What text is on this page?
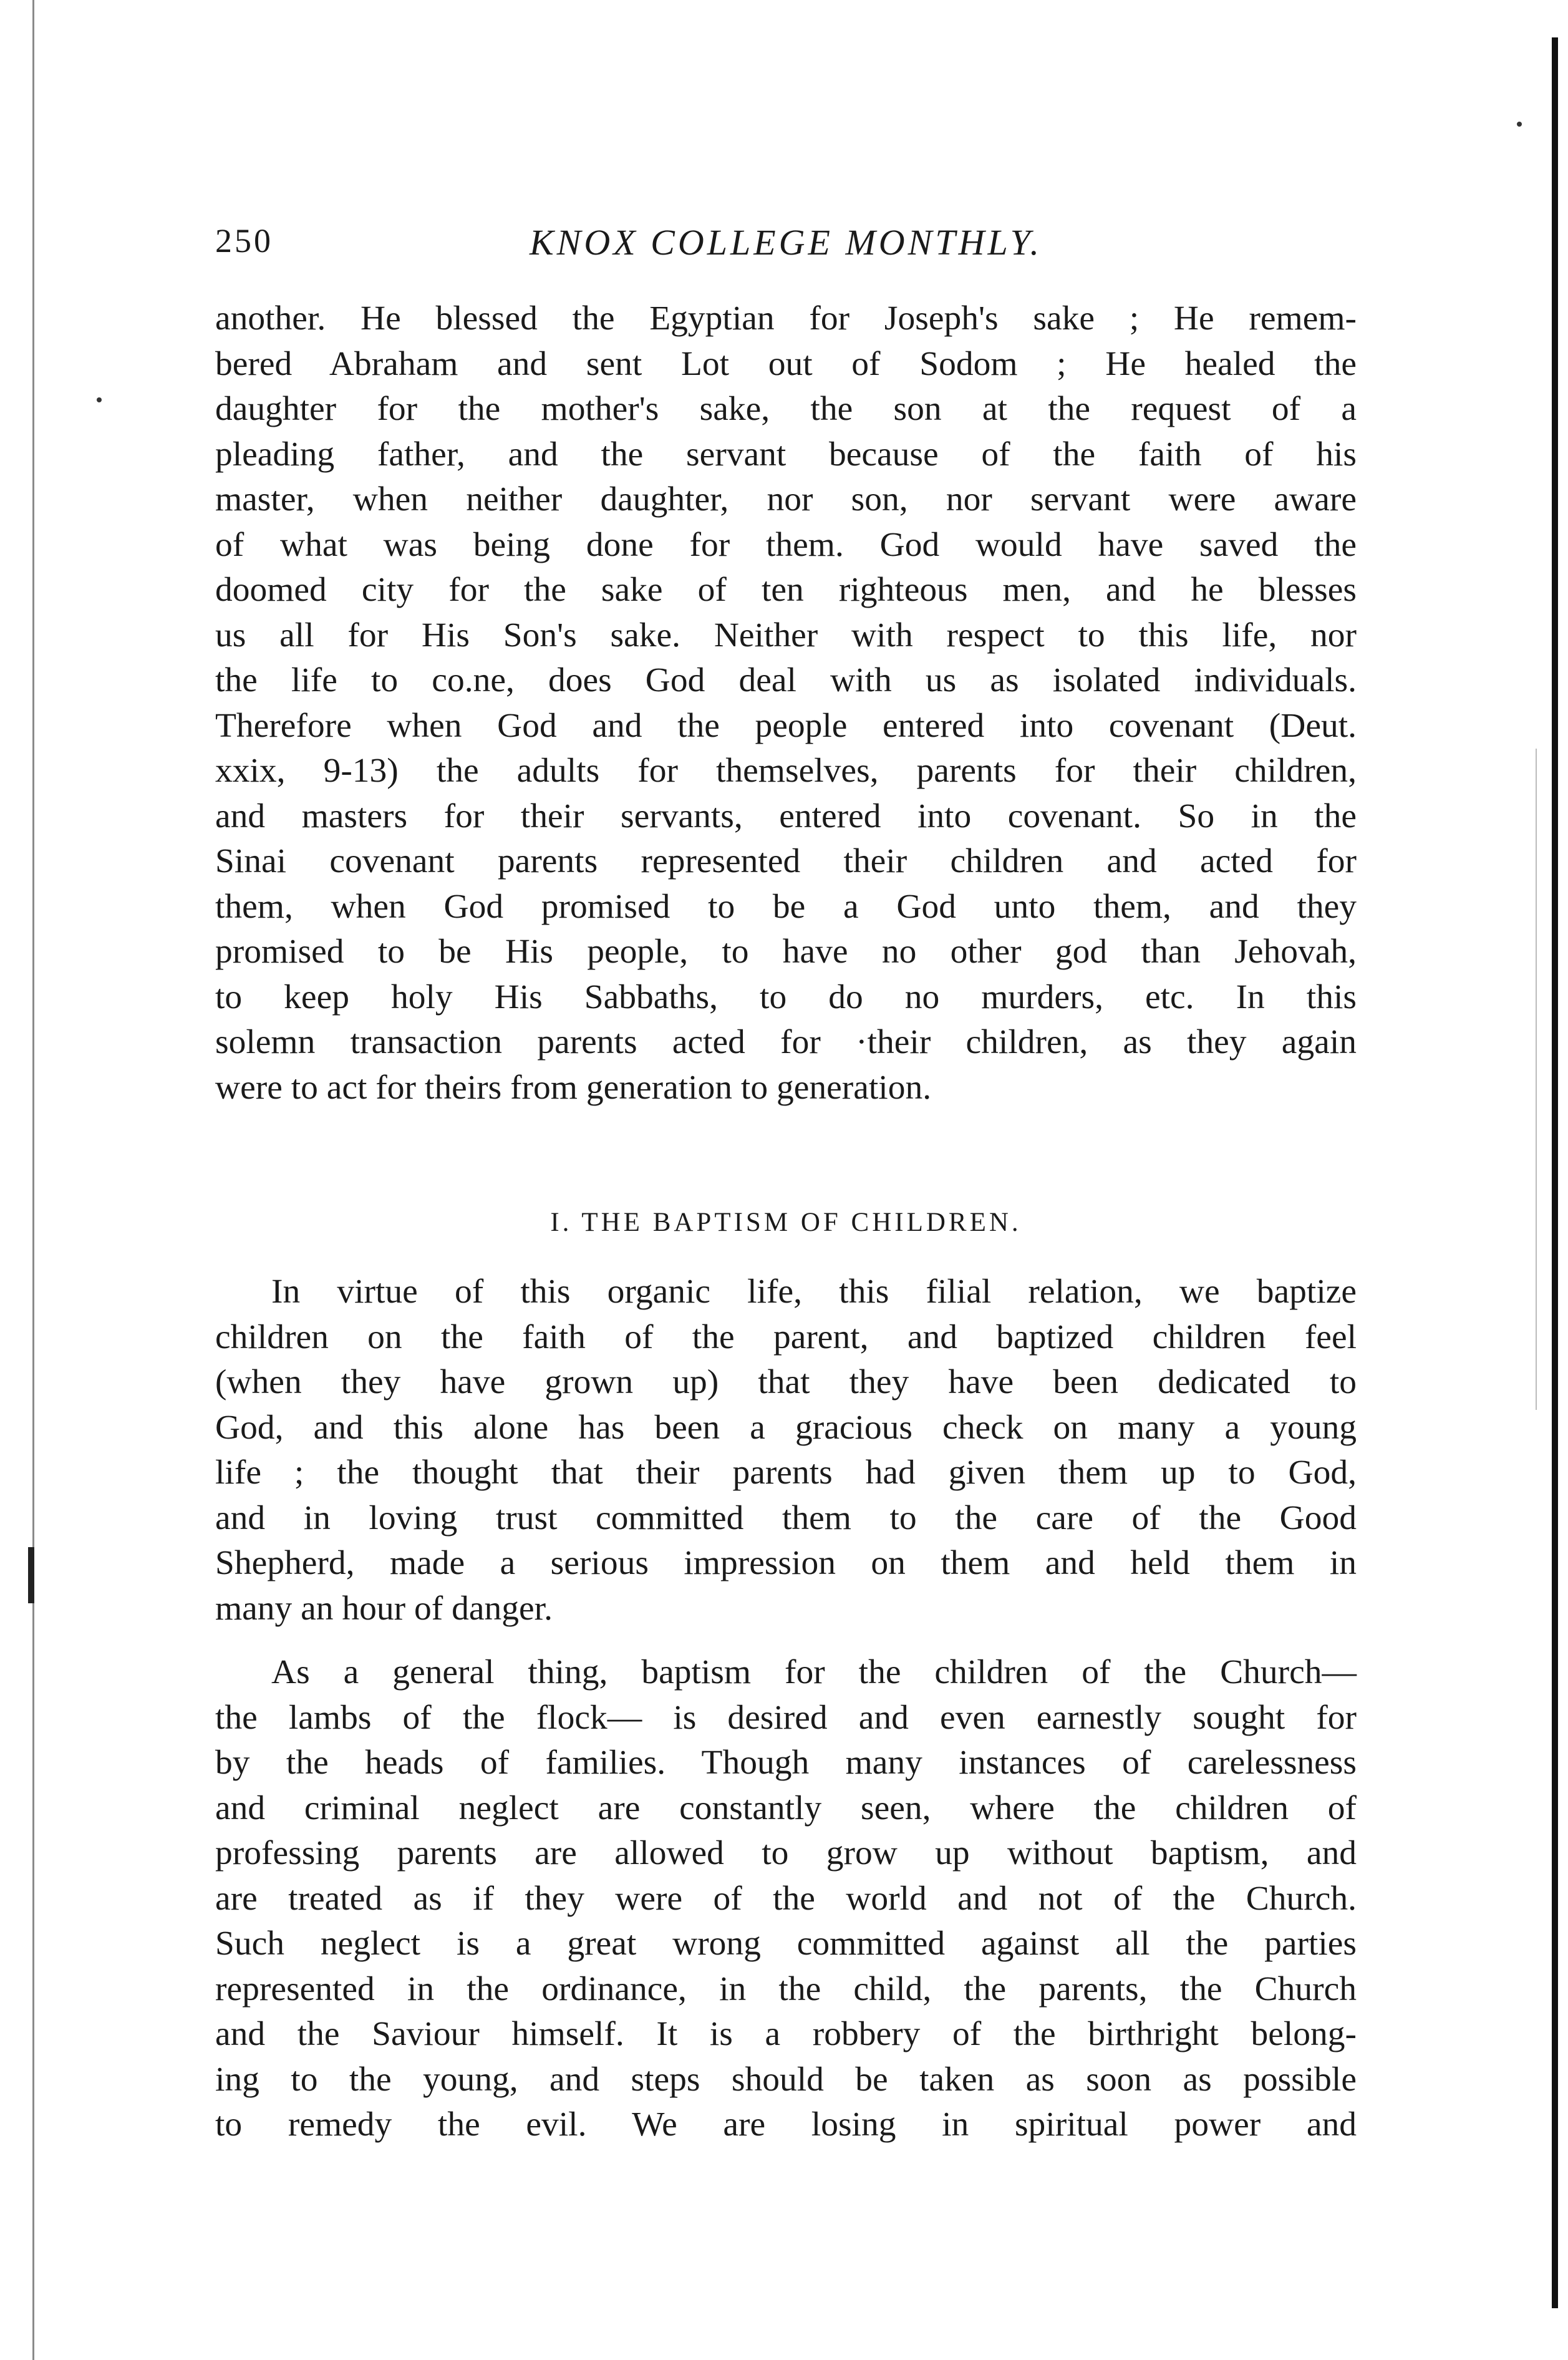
250	KNOX COLLEGE MONTHLY.
another. He blessed the Egyptian for Joseph's sake ; He remem-
bered Abraham and sent Lot out of Sodom ; He healed the
daughter for the mother's sake, the son at the request of a
pleading father, and the servant because of the faith of his
master, when neither daughter, nor son, nor servant were aware
of what was being done for them. God would have saved the
doomed city for the sake of ten righteous men, and he blesses
us all for His Son's sake. Neither with respect to this life, nor
the life to co.ne, does God deal with us as isolated individuals.
Therefore when God and the people entered into covenant (Deut.
xxix, 9-13) the adults for themselves, parents for their children,
and masters for their servants, entered into covenant. So in the
Sinai covenant parents represented their children and acted for
them, when God promised to be a God unto them, and they
promised to be His people, to have no other god than Jehovah,
to keep holy His Sabbaths, to do no murders, etc. In this
solemn transaction parents acted for ·their children, as they again
were to act for theirs from generation to generation.
I. THE BAPTISM OF CHILDREN.
In virtue of this organic life, this filial relation, we baptize
children on the faith of the parent, and baptized children feel
(when they have grown up) that they have been dedicated to
God, and this alone has been a gracious check on many a young
life ; the thought that their parents had given them up to God,
and in loving trust committed them to the care of the Good
Shepherd, made a serious impression on them and held them in
many an hour of danger.
As a general thing, baptism for the children of the Church—
the lambs of the flock— is desired and even earnestly sought for
by the heads of families. Though many instances of carelessness
and criminal neglect are constantly seen, where the children of
professing parents are allowed to grow up without baptism, and
are treated as if they were of the world and not of the Church.
Such neglect is a great wrong committed against all the parties
represented in the ordinance, in the child, the parents, the Church
and the Saviour himself. It is a robbery of the birthright belong-
ing to the young, and steps should be taken as soon as possible
to remedy the evil. We are losing in spiritual power and
